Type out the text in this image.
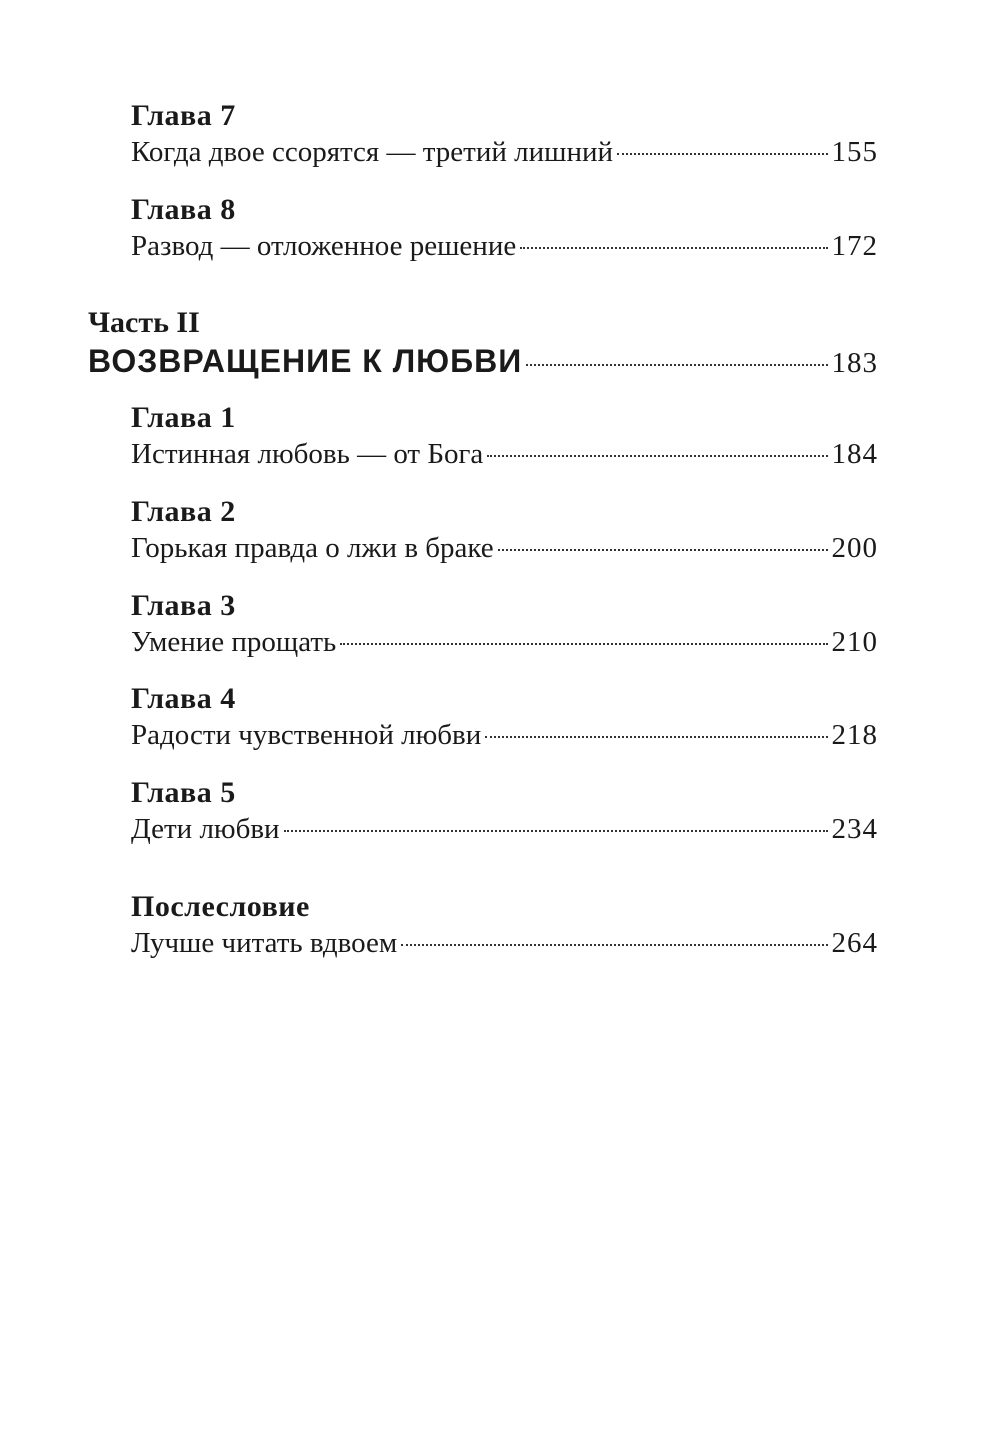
Глава 7
Когда двое ссорятся — третий лишний	155
Глава 8
Развод — отложенное решение	172
Часть II
ВОЗВРАЩЕНИЕ К ЛЮБВИ	183
Глава 1
Истинная любовь — от Бога	184
Глава 2
Горькая правда о лжи в браке	200
Глава 3
Умение прощать	210
Глава 4
Радости чувственной любви	218
Глава 5
Дети любви	234
Послесловие
Лучше читать вдвоем	264
